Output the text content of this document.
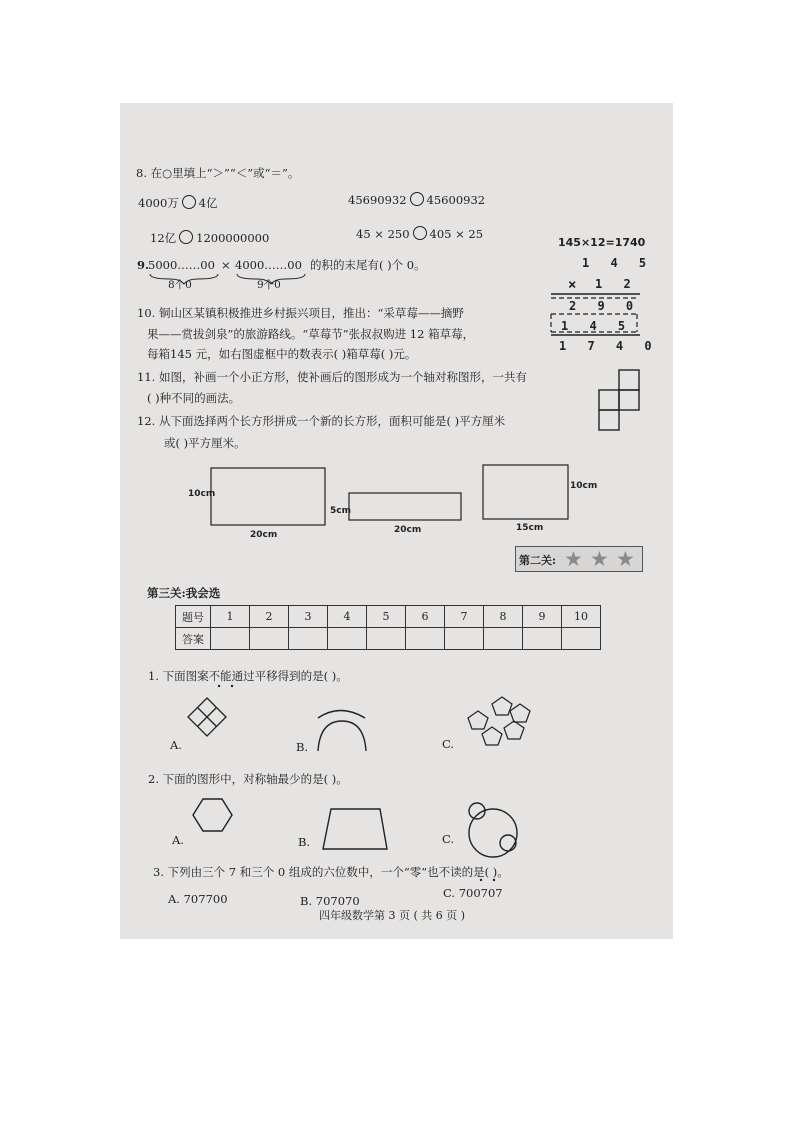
8. 在○里填上“＞”“＜”或“＝”。
4000万 4亿	45690932 45600932
12亿 1200000000	45 × 250 405 × 25
9.
5000……00 × 4000……00 的积的末尾有( )个 0。
8个0	9个0
10. 铜山区某镇积极推进乡村振兴项目，推出：“采草莓——摘野
果——赏拔剑泉”的旅游路线。“草莓节”张叔叔购进 12 箱草莓，
每箱145 元，如右图虚框中的数表示( )箱草莓( )元。
145×12=1740
1 4 5
× 1 2
2 9 0
1 4 5
1 7 4 0
11. 如图，补画一个小正方形，使补画后的图形成为一个轴对称图形，一共有
( )种不同的画法。
12. 从下面选择两个长方形拼成一个新的长方形，面积可能是( )平方厘米
或( )平方厘米。
10cm
20cm
5cm
20cm
10cm
15cm
第二关: ★ ★ ★
第三关:我会选
题号	1	2	3	4	5	6	7	8	9	10
答案										
1. 下面图案不能通过平移得到的是( )。
A.	B.	C.
2. 下面的图形中，对称轴最少的是( )。
A.	B.	C.
3. 下列由三个 7 和三个 0 组成的六位数中，一个“零”也不读的是( )。
A. 707700	B. 707070
C. 700707
四年级数学第 3 页 ( 共 6 页 )
